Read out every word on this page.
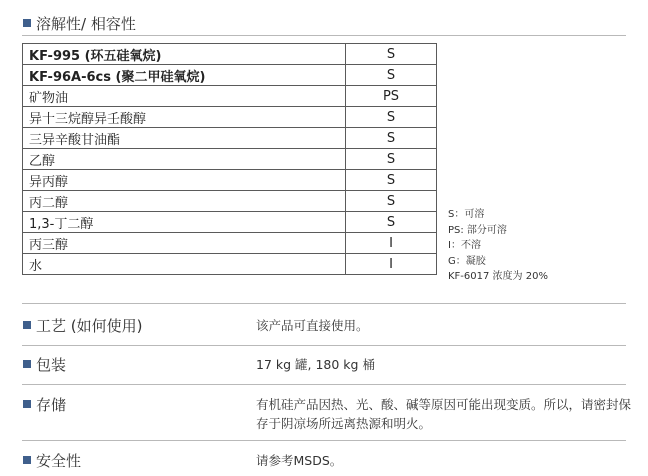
溶解性/ 相容性
KF-995 (环五硅氧烷)	S
KF-96A-6cs (聚二甲硅氧烷)	S
矿物油	PS
异十三烷醇异壬酸醇	S
三异辛酸甘油酯	S
乙醇	S
异丙醇	S
丙二醇	S
1,3-丁二醇	S
丙三醇	I
水	I
S：可溶
PS: 部分可溶
I：不溶
G：凝胶
KF-6017 浓度为 20%
工艺 (如何使用)	该产品可直接使用。
包装	17 kg 罐, 180 kg 桶
存储	有机硅产品因热、光、酸、碱等原因可能出现变质。所以，请密封保
存于阴凉场所远离热源和明火。
安全性	请参考MSDS。
